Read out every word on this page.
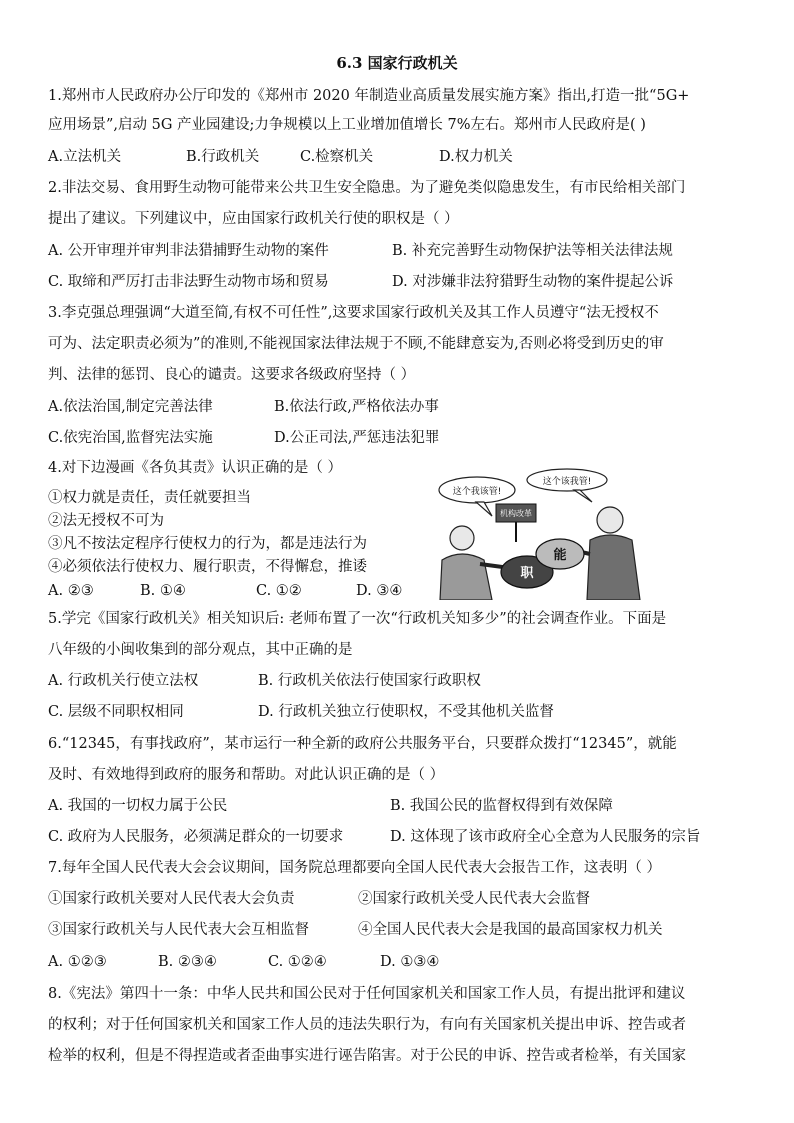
6.3 国家行政机关
1.郑州市人民政府办公厅印发的《郑州市 2020 年制造业高质量发展实施方案》指出,打造一批“5G+
应用场景”,启动 5G 产业园建设;力争规模以上工业增加值增长 7%左右。郑州市人民政府是( )
A.立法机关	B.行政机关	C.检察机关	D.权力机关
2.非法交易、食用野生动物可能带来公共卫生安全隐患。为了避免类似隐患发生，有市民给相关部门
提出了建议。下列建议中，应由国家行政机关行使的职权是（ ）
A. 公开审理并审判非法猎捕野生动物的案件	B. 补充完善野生动物保护法等相关法律法规
C. 取缔和严厉打击非法野生动物市场和贸易	D. 对涉嫌非法狩猎野生动物的案件提起公诉
3.李克强总理强调“大道至简,有权不可任性”,这要求国家行政机关及其工作人员遵守“法无授权不
可为、法定职责必须为”的准则,不能视国家法律法规于不顾,不能肆意妄为,否则必将受到历史的审
判、法律的惩罚、良心的谴责。这要求各级政府坚持（ ）
A.依法治国,制定完善法律	B.依法行政,严格依法办事
C.依宪治国,监督宪法实施	D.公正司法,严惩违法犯罪
4.对下边漫画《各负其责》认识正确的是（ ）
①权力就是责任，责任就要担当
②法无授权不可为
③凡不按法定程序行使权力的行为，都是违法行为
④必须依法行使权力、履行职责，不得懈怠，推诿
A. ②③	B. ①④	C. ①②	D. ③④
这个我该管!
这个该我管!
机构改革
职
能
5.学完《国家行政机关》相关知识后: 老师布置了一次“行政机关知多少”的社会调查作业。下面是
八年级的小闽收集到的部分观点，其中正确的是
A. 行政机关行使立法权	B. 行政机关依法行使国家行政职权
C. 层级不同职权相同	D. 行政机关独立行使职权，不受其他机关监督
6.“12345，有事找政府”，某市运行一种全新的政府公共服务平台，只要群众拨打“12345”，就能
及时、有效地得到政府的服务和帮助。对此认识正确的是（ ）
A. 我国的一切权力属于公民	B. 我国公民的监督权得到有效保障
C. 政府为人民服务，必须满足群众的一切要求	D. 这体现了该市政府全心全意为人民服务的宗旨
7.每年全国人民代表大会会议期间，国务院总理都要向全国人民代表大会报告工作，这表明（ ）
①国家行政机关要对人民代表大会负责	②国家行政机关受人民代表大会监督
③国家行政机关与人民代表大会互相监督	④全国人民代表大会是我国的最高国家权力机关
A. ①②③	B. ②③④	C. ①②④	D. ①③④
8.《宪法》第四十一条：中华人民共和国公民对于任何国家机关和国家工作人员，有提出批评和建议
的权利；对于任何国家机关和国家工作人员的违法失职行为，有向有关国家机关提出申诉、控告或者
检举的权利，但是不得捏造或者歪曲事实进行诬告陷害。对于公民的申诉、控告或者检举，有关国家
